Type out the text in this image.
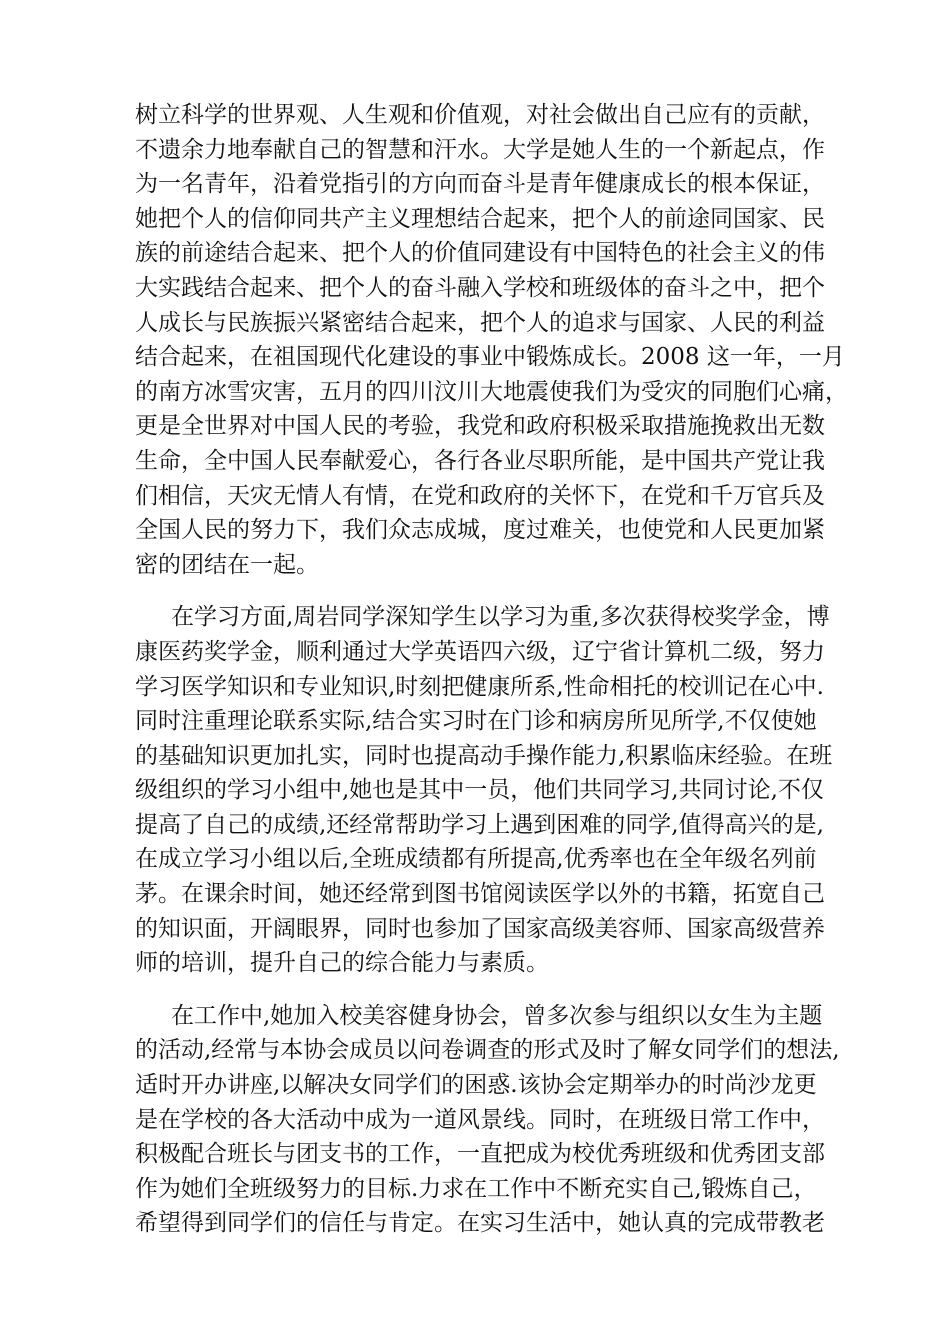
树立科学的世界观、人生观和价值观，对社会做出自己应有的贡献，
不遗余力地奉献自己的智慧和汗水。大学是她人生的一个新起点，作
为一名青年，沿着党指引的方向而奋斗是青年健康成长的根本保证，
她把个人的信仰同共产主义理想结合起来，把个人的前途同国家、民
族的前途结合起来、把个人的价值同建设有中国特色的社会主义的伟
大实践结合起来、把个人的奋斗融入学校和班级体的奋斗之中，把个
人成长与民族振兴紧密结合起来，把个人的追求与国家、人民的利益
结合起来，在祖国现代化建设的事业中锻炼成长。2008 这一年，一月
的南方冰雪灾害，五月的四川汶川大地震使我们为受灾的同胞们心痛，
更是全世界对中国人民的考验，我党和政府积极采取措施挽救出无数
生命，全中国人民奉献爱心，各行各业尽职所能，是中国共产党让我
们相信，天灾无情人有情，在党和政府的关怀下，在党和千万官兵及
全国人民的努力下，我们众志成城，度过难关，也使党和人民更加紧
密的团结在一起。
在学习方面,周岩同学深知学生以学习为重,多次获得校奖学金，博
康医药奖学金，顺利通过大学英语四六级，辽宁省计算机二级，努力
学习医学知识和专业知识,时刻把健康所系,性命相托的校训记在心中.
同时注重理论联系实际,结合实习时在门诊和病房所见所学,不仅使她
的基础知识更加扎实，同时也提高动手操作能力,积累临床经验。在班
级组织的学习小组中,她也是其中一员，他们共同学习,共同讨论,不仅
提高了自己的成绩,还经常帮助学习上遇到困难的同学,值得高兴的是,
在成立学习小组以后,全班成绩都有所提高,优秀率也在全年级名列前
茅。在课余时间，她还经常到图书馆阅读医学以外的书籍，拓宽自己
的知识面，开阔眼界，同时也参加了国家高级美容师、国家高级营养
师的培训，提升自己的综合能力与素质。
在工作中,她加入校美容健身协会，曾多次参与组织以女生为主题
的活动,经常与本协会成员以问卷调查的形式及时了解女同学们的想法,
适时开办讲座,以解决女同学们的困惑.该协会定期举办的时尚沙龙更
是在学校的各大活动中成为一道风景线。同时，在班级日常工作中，
积极配合班长与团支书的工作，一直把成为校优秀班级和优秀团支部
作为她们全班级努力的目标.力求在工作中不断充实自己,锻炼自己，
希望得到同学们的信任与肯定。在实习生活中，她认真的完成带教老
